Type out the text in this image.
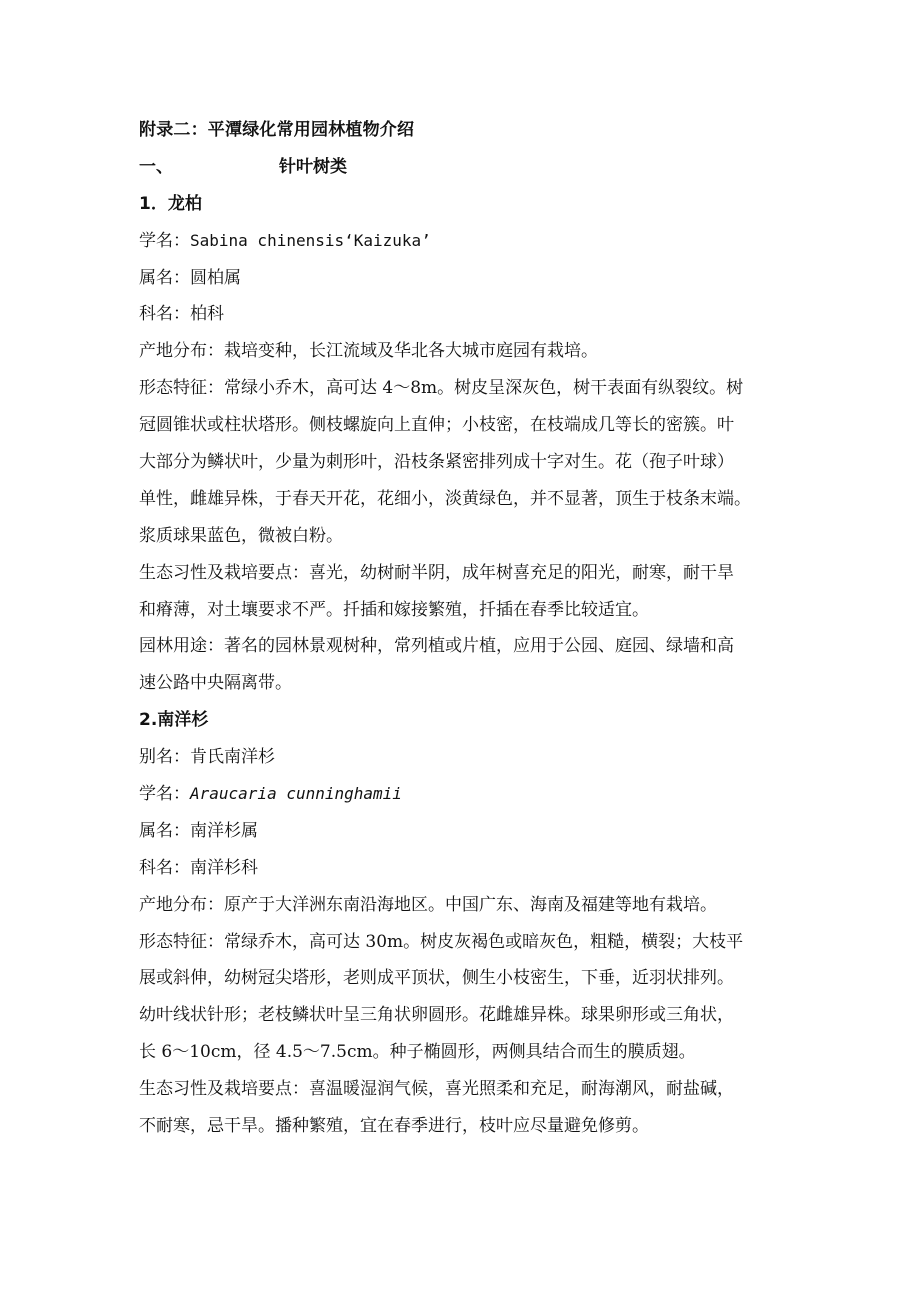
附录二：平潭绿化常用园林植物介绍
一、	针叶树类
1．龙柏
学名：Sabina chinensis‘Kaizuka’
属名：圆柏属
科名：柏科
产地分布：栽培变种，长江流域及华北各大城市庭园有栽培。
形态特征：常绿小乔木，高可达 4～8m。树皮呈深灰色，树干表面有纵裂纹。树
冠圆锥状或柱状塔形。侧枝螺旋向上直伸；小枝密，在枝端成几等长的密簇。叶
大部分为鳞状叶，少量为刺形叶，沿枝条紧密排列成十字对生。花（孢子叶球）
单性，雌雄异株，于春天开花，花细小，淡黄绿色，并不显著，顶生于枝条末端。
浆质球果蓝色，微被白粉。
生态习性及栽培要点：喜光，幼树耐半阴，成年树喜充足的阳光，耐寒，耐干旱
和瘠薄，对土壤要求不严。扦插和嫁接繁殖，扦插在春季比较适宜。
园林用途：著名的园林景观树种，常列植或片植，应用于公园、庭园、绿墙和高
速公路中央隔离带。
2.南洋杉
别名：肯氏南洋杉
学名：Araucaria cunninghamii
属名：南洋杉属
科名：南洋杉科
产地分布：原产于大洋洲东南沿海地区。中国广东、海南及福建等地有栽培。
形态特征：常绿乔木，高可达 30m。树皮灰褐色或暗灰色，粗糙，横裂；大枝平
展或斜伸，幼树冠尖塔形，老则成平顶状，侧生小枝密生，下垂，近羽状排列。
幼叶线状针形；老枝鳞状叶呈三角状卵圆形。花雌雄异株。球果卵形或三角状，
长 6～10cm，径 4.5～7.5cm。种子椭圆形，两侧具结合而生的膜质翅。
生态习性及栽培要点：喜温暖湿润气候，喜光照柔和充足，耐海潮风，耐盐碱，
不耐寒，忌干旱。播种繁殖，宜在春季进行，枝叶应尽量避免修剪。
